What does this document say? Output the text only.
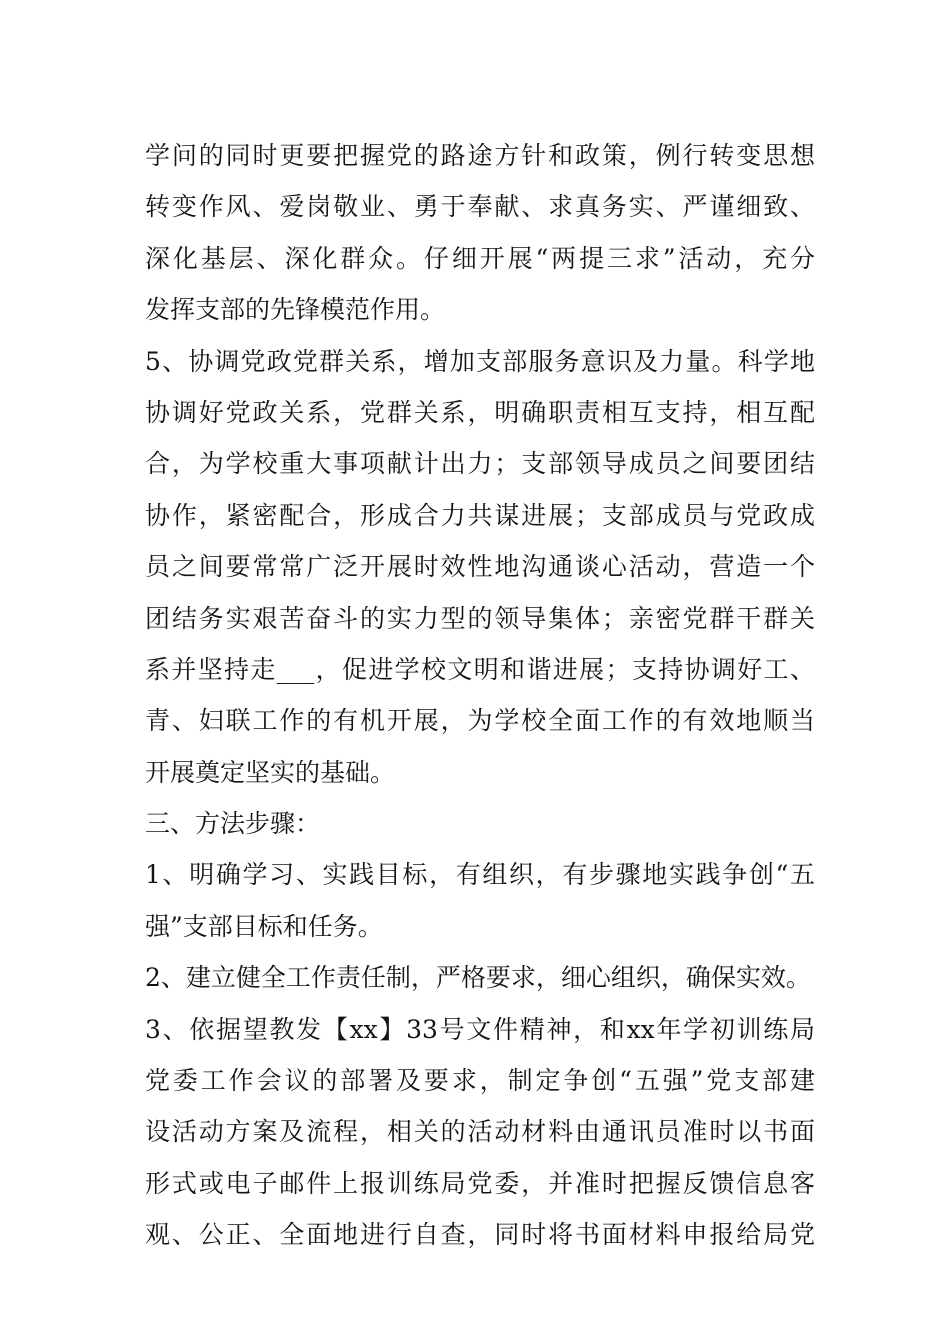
学问的同时更要把握党的路途方针和政策，例行转变思想
转变作风、爱岗敬业、勇于奉献、求真务实、严谨细致、
深化基层、深化群众。仔细开展“两提三求”活动，充分
发挥支部的先锋模范作用。
5、协调党政党群关系，增加支部服务意识及力量。科学地
协调好党政关系，党群关系，明确职责相互支持，相互配
合，为学校重大事项献计出力；支部领导成员之间要团结
协作，紧密配合，形成合力共谋进展；支部成员与党政成
员之间要常常广泛开展时效性地沟通谈心活动，营造一个
团结务实艰苦奋斗的实力型的领导集体；亲密党群干群关
系并坚持走___，促进学校文明和谐进展；支持协调好工、
青、妇联工作的有机开展，为学校全面工作的有效地顺当
开展奠定坚实的基础。
三、方法步骤：
1、明确学习、实践目标，有组织，有步骤地实践争创“五
强”支部目标和任务。
2、建立健全工作责任制，严格要求，细心组织，确保实效。
3、依据望教发【xx】33号文件精神，和xx年学初训练局
党委工作会议的部署及要求，制定争创“五强”党支部建
设活动方案及流程，相关的活动材料由通讯员准时以书面
形式或电子邮件上报训练局党委，并准时把握反馈信息客
观、公正、全面地进行自查，同时将书面材料申报给局党
